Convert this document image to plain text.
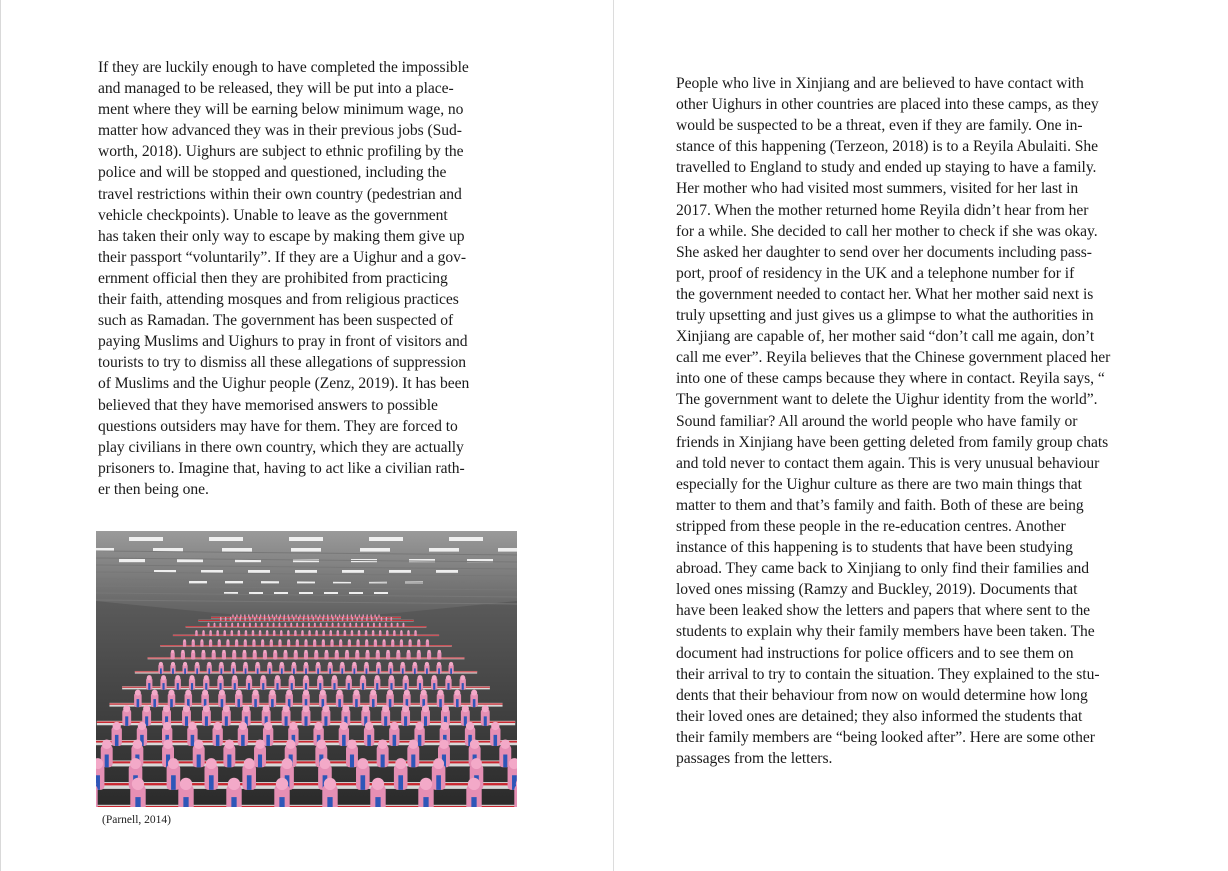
If they are luckily enough to have completed the impossible
and managed to be released, they will be put into a place-
ment where they will be earning below minimum wage, no
matter how advanced they was in their previous jobs (Sud-
worth, 2018). Uighurs are subject to ethnic profiling by the
police and will be stopped and questioned, including the
travel restrictions within their own country (pedestrian and
vehicle checkpoints). Unable to leave as the government
has taken their only way to escape by making them give up
their passport “voluntarily”. If they are a Uighur and a gov-
ernment official then they are prohibited from practicing
their faith, attending mosques and from religious practices
such as Ramadan. The government has been suspected of
paying Muslims and Uighurs to pray in front of visitors and
tourists to try to dismiss all these allegations of suppression
of Muslims and the Uighur people (Zenz, 2019). It has been
believed that they have memorised answers to possible
questions outsiders may have for them. They are forced to
play civilians in there own country, which they are actually
prisoners to. Imagine that, having to act like a civilian rath-
er then being one.
(Parnell, 2014)
People who live in Xinjiang and are believed to have contact with
other Uighurs in other countries are placed into these camps, as they
would be suspected to be a threat, even if they are family. One in-
stance of this happening (Terzeon, 2018) is to a Reyila Abulaiti. She
travelled to England to study and ended up staying to have a family.
Her mother who had visited most summers, visited for her last in
2017. When the mother returned home Reyila didn’t hear from her
for a while. She decided to call her mother to check if she was okay.
She asked her daughter to send over her documents including pass-
port, proof of residency in the UK and a telephone number for if
the government needed to contact her. What her mother said next is
truly upsetting and just gives us a glimpse to what the authorities in
Xinjiang are capable of, her mother said “don’t call me again, don’t
call me ever”. Reyila believes that the Chinese government placed her
into one of these camps because they where in contact. Reyila says, “
The government want to delete the Uighur identity from the world”.
Sound familiar? All around the world people who have family or
friends in Xinjiang have been getting deleted from family group chats
and told never to contact them again. This is very unusual behaviour
especially for the Uighur culture as there are two main things that
matter to them and that’s family and faith. Both of these are being
stripped from these people in the re-education centres. Another
instance of this happening is to students that have been studying
abroad. They came back to Xinjiang to only find their families and
loved ones missing (Ramzy and Buckley, 2019). Documents that
have been leaked show the letters and papers that where sent to the
students to explain why their family members have been taken. The
document had instructions for police officers and to see them on
their arrival to try to contain the situation. They explained to the stu-
dents that their behaviour from now on would determine how long
their loved ones are detained; they also informed the students that
their family members are “being looked after”. Here are some other
passages from the letters.
